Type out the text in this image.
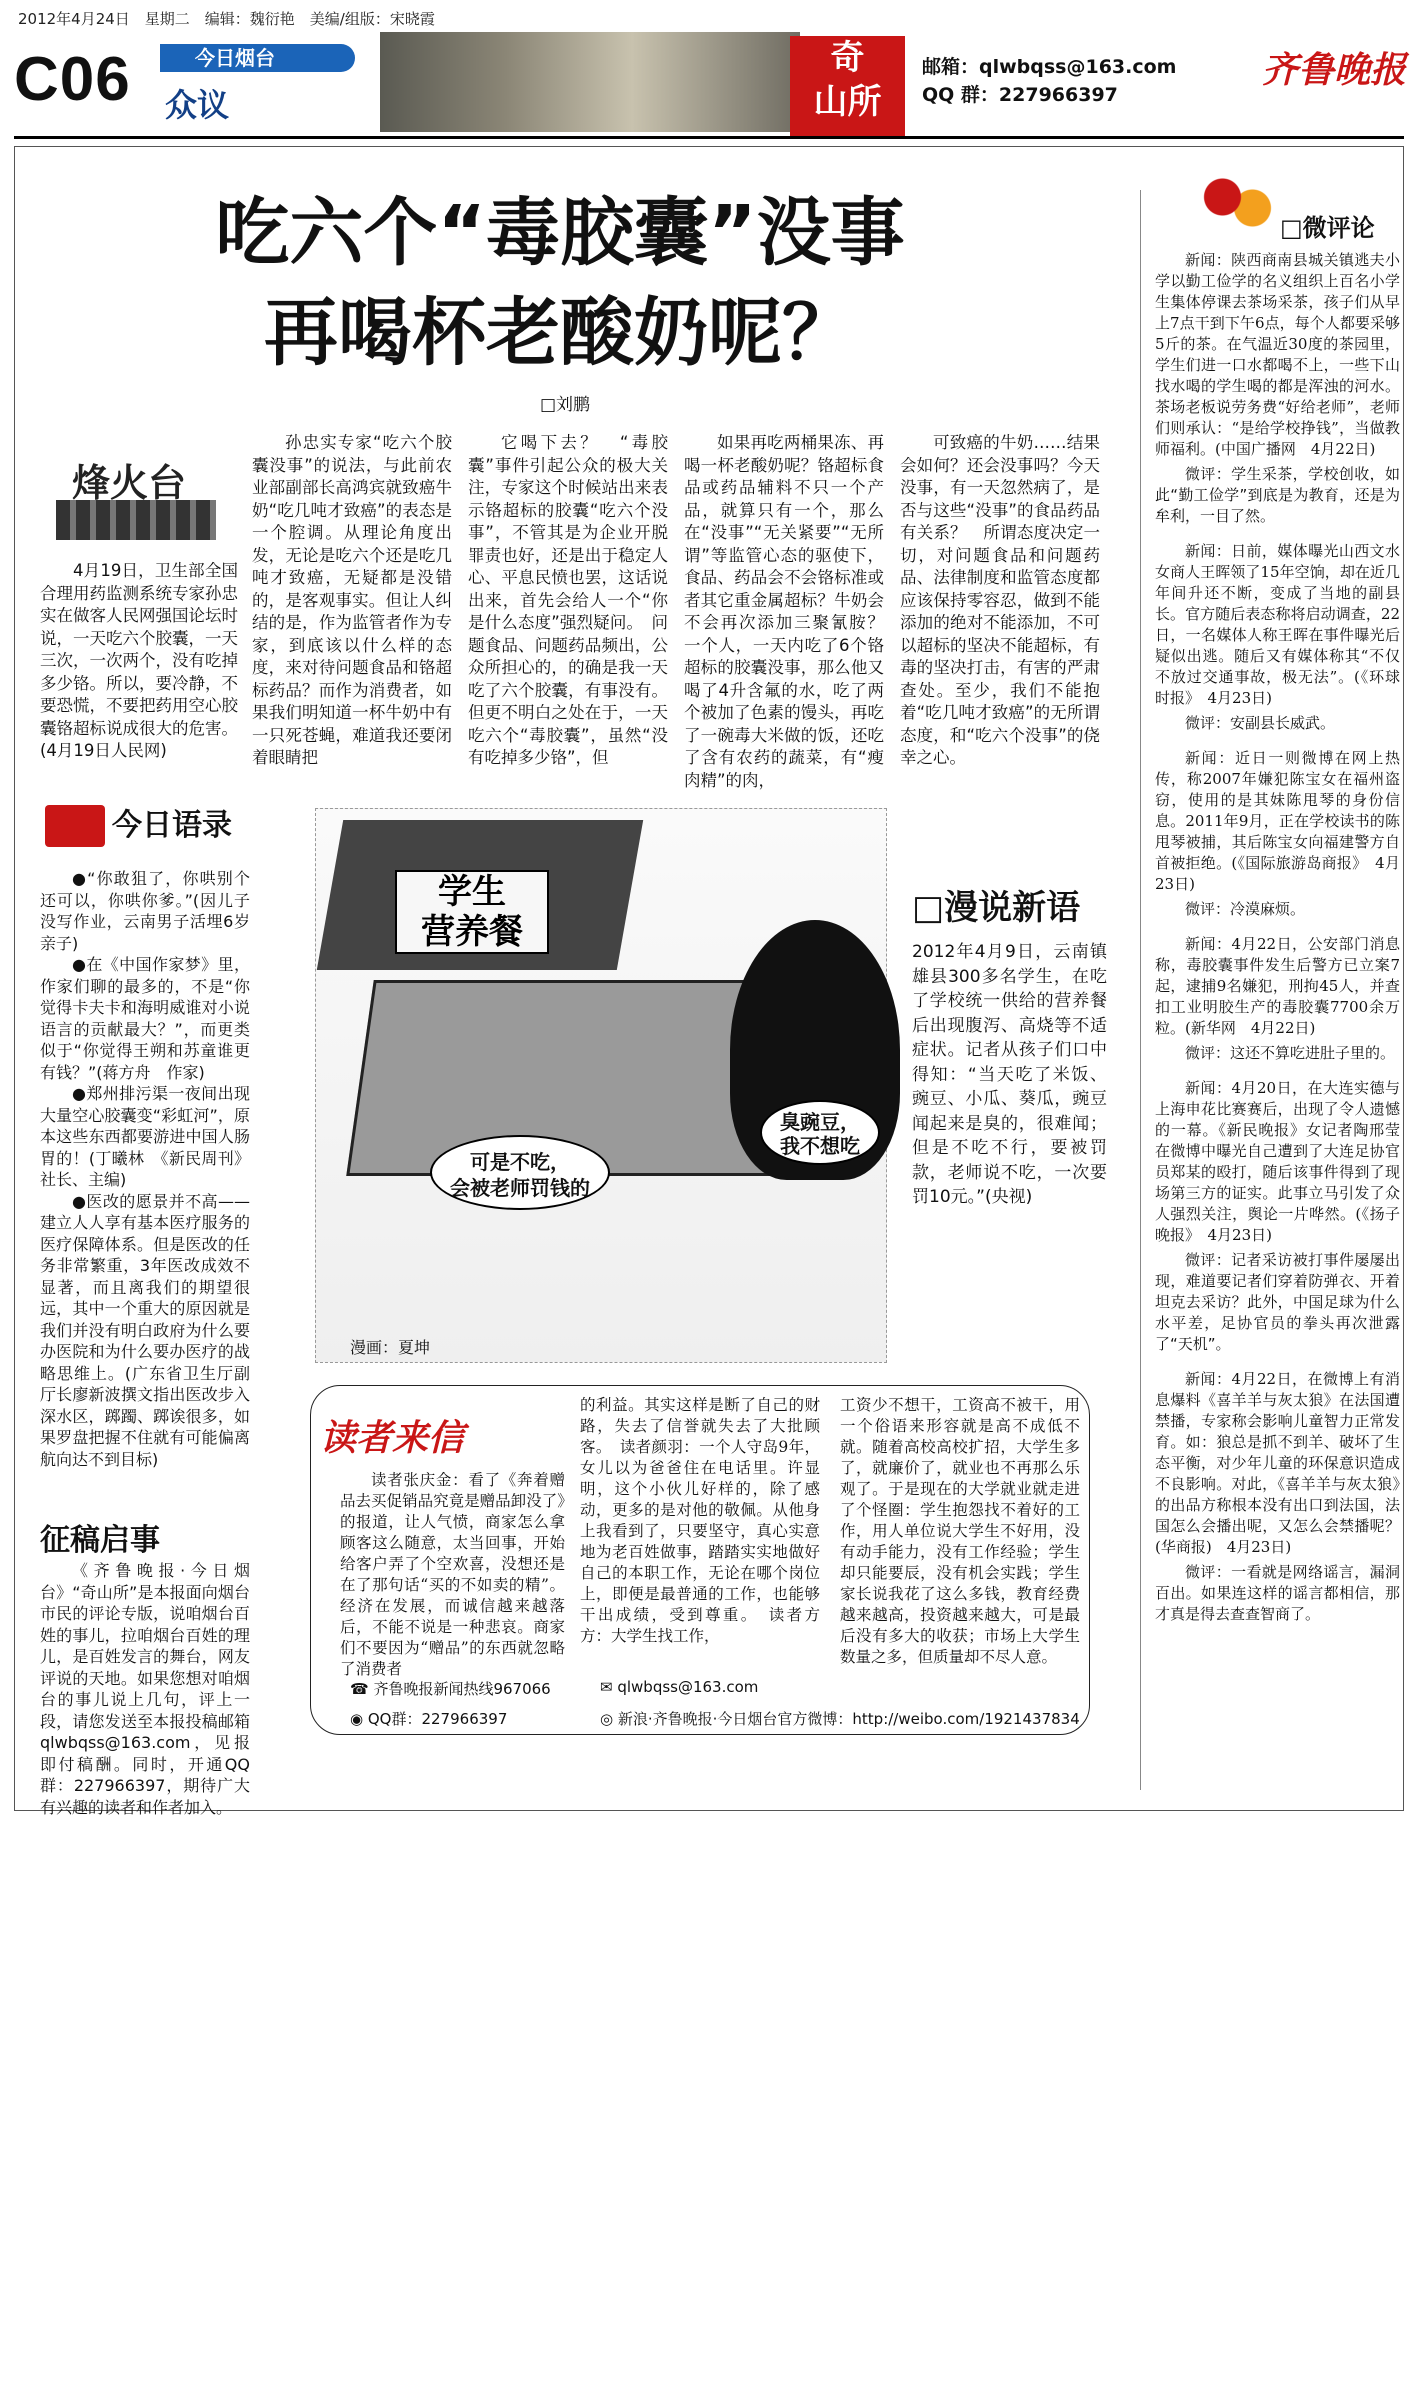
2012年4月24日　星期二　编辑：魏衍艳　美编/组版：宋晓霞
C06	今日烟台
众议
奇
山所
邮箱：qlwbqss@163.com
QQ 群：227966397
齐鲁晚报
吃六个“毒胶囊”没事
再喝杯老酸奶呢？
□刘鹏
烽火台

4月19日，卫生部全国合理用药监测系统专家孙忠实在做客人民网强国论坛时说，一天吃六个胶囊，一天三次，一次两个，没有吃掉多少铬。所以，要冷静，不要恐慌，不要把药用空心胶囊铬超标说成很大的危害。(4月19日人民网)

孙忠实专家“吃六个胶囊没事”的说法，与此前农业部副部长高鸿宾就致癌牛奶“吃几吨才致癌”的表态是一个腔调。从理论角度出发，无论是吃六个还是吃几吨才致癌，无疑都是没错的，是客观事实。但让人纠结的是，作为监管者作为专家，到底该以什么样的态度，来对待问题食品和铬超标药品？而作为消费者，如果我们明知道一杯牛奶中有一只死苍蝇，难道我还要闭着眼睛把

它喝下去？　“毒胶囊”事件引起公众的极大关注，专家这个时候站出来表示铬超标的胶囊“吃六个没事”，不管其是为企业开脱罪责也好，还是出于稳定人心、平息民愤也罢，这话说出来，首先会给人一个“你是什么态度”强烈疑问。　问题食品、问题药品频出，公众所担心的，的确是我一天吃了六个胶囊，有事没有。但更不明白之处在于，一天吃六个“毒胶囊”，虽然“没有吃掉多少铬”，但

如果再吃两桶果冻、再喝一杯老酸奶呢？铬超标食品或药品辅料不只一个产品，就算只有一个，那么在“没事”“无关紧要”“无所谓”等监管心态的驱使下，食品、药品会不会铬标准或者其它重金属超标？牛奶会不会再次添加三聚氰胺？　一个人，一天内吃了6个铬超标的胶囊没事，那么他又喝了4升含氟的水，吃了两个被加了色素的馒头，再吃了一碗毒大米做的饭，还吃了含有农药的蔬菜，有“瘦肉精”的肉，

可致癌的牛奶……结果会如何？还会没事吗？今天没事，有一天忽然病了，是否与这些“没事”的食品药品有关系？　所谓态度决定一切，对问题食品和问题药品、法律制度和监管态度都应该保持零容忍，做到不能添加的绝对不能添加，不可以超标的坚决不能超标，有毒的坚决打击，有害的严肃查处。至少，我们不能抱着“吃几吨才致癌”的无所谓态度，和“吃六个没事”的侥幸之心。

今日语录

●“你敢狙了，你哄别个还可以，你哄你爹。”(因儿子没写作业，云南男子活埋6岁亲子)

●在《中国作家梦》里，作家们聊的最多的，不是“你觉得卡夫卡和海明威谁对小说语言的贡献最大？”，而更类似于“你觉得王朔和苏童谁更有钱？”(蒋方舟　作家)

●郑州排污渠一夜间出现大量空心胶囊变“彩虹河”，原本这些东西都要游进中国人肠胃的！(丁曦林　《新民周刊》社长、主编)

●医改的愿景并不高——建立人人享有基本医疗服务的医疗保障体系。但是医改的任务非常繁重，3年医改成效不显著，而且离我们的期望很远，其中一个重大的原因就是我们并没有明白政府为什么要办医院和为什么要办医疗的战略思维上。(广东省卫生厅副厅长廖新波撰文指出医改步入深水区，踯躅、踯诶很多，如果罗盘把握不住就有可能偏离航向达不到目标)

征稿启事

《齐鲁晚报·今日烟台》“奇山所”是本报面向烟台市民的评论专版，说咱烟台百姓的事儿，拉咱烟台百姓的理儿，是百姓发言的舞台，网友评说的天地。如果您想对咱烟台的事儿说上几句，评上一段，请您发送至本报投稿邮箱qlwbqss@163.com，见报即付稿酬。同时，开通QQ群：227966397，期待广大有兴趣的读者和作者加入。

学生
营养餐
可是不吃，
会被老师罚钱的
臭豌豆，
我不想吃
漫画：夏坤
□漫说新语

2012年4月9日，云南镇雄县300多名学生，在吃了学校统一供给的营养餐后出现腹泻、高烧等不适症状。记者从孩子们口中得知：“当天吃了米饭、豌豆、小瓜、葵瓜，豌豆闻起来是臭的，很难闻；但是不吃不行，要被罚款，老师说不吃，一次要罚10元。”(央视)

读者来信

读者张庆金：看了《奔着赠品去买促销品究竟是赠品卸没了》的报道，让人气愤，商家怎么拿顾客这么随意，太当回事，开始给客户弄了个空欢喜，没想还是在了那句话“买的不如卖的精”。经济在发展，而诚信越来越落后，不能不说是一种悲哀。商家们不要因为“赠品”的东西就忽略了消费者

的利益。其实这样是断了自己的财路，失去了信誉就失去了大批顾客。　读者颜羽：一个人守岛9年，女儿以为爸爸住在电话里。许显明，这个小伙儿好样的，除了感动，更多的是对他的敬佩。从他身上我看到了，只要坚守，真心实意地为老百姓做事，踏踏实实地做好自己的本职工作，无论在哪个岗位上，即便是最普通的工作，也能够干出成绩，受到尊重。　读者方方：大学生找工作，

工资少不想干，工资高不被干，用一个俗语来形容就是高不成低不就。随着高校高校扩招，大学生多了，就廉价了，就业也不再那么乐观了。于是现在的大学就业就走进了个怪圈：学生抱怨找不着好的工作，用人单位说大学生不好用，没有动手能力，没有工作经验；学生却只能要辰，没有机会实践；学生家长说我花了这么多钱，教育经费越来越高，投资越来越大，可是最后没有多大的收获；市场上大学生数量之多，但质量却不尽人意。

☎ 齐鲁晚报新闻热线967066
◉ QQ群：227966397
✉ qlwbqss@163.com
◎ 新浪·齐鲁晚报·今日烟台官方微博：http://weibo.com/1921437834
□微评论

新闻：陕西商南县城关镇逃夫小学以勤工俭学的名义组织上百名小学生集体停课去茶场采茶，孩子们从早上7点干到下午6点，每个人都要采够5斤的茶。在气温近30度的茶园里，学生们进一口水都喝不上，一些下山找水喝的学生喝的都是浑浊的河水。茶场老板说劳务费“好给老师”，老师们则承认：“是给学校挣钱”，当做教师福利。(中国广播网　4月22日)

微评：学生采茶，学校创收，如此“勤工俭学”到底是为教育，还是为牟利，一目了然。

新闻：日前，媒体曝光山西文水女商人王晖领了15年空饷，却在近几年间升还不断，变成了当地的副县长。官方随后表态称将启动调查，22日，一名媒体人称王晖在事件曝光后疑似出逃。随后又有媒体称其“不仅不放过交通事故，极无法”。(《环球时报》　4月23日)

微评：安副县长威武。

新闻：近日一则微博在网上热传，称2007年嫌犯陈宝女在福州盗窃，使用的是其妹陈甩琴的身份信息。2011年9月，正在学校读书的陈甩琴被捕，其后陈宝女向福建警方自首被拒绝。(《国际旅游岛商报》　4月23日)

微评：冷漠麻烦。

新闻：4月22日，公安部门消息称，毒胶囊事件发生后警方已立案7起，逮捕9名嫌犯，刑拘45人，并查扣工业明胶生产的毒胶囊7700余万粒。(新华网　4月22日)

微评：这还不算吃进肚子里的。

新闻：4月20日，在大连实德与上海申花比赛赛后，出现了令人遗憾的一幕。《新民晚报》女记者陶邢莹在微博中曝光自己遭到了大连足协官员郑某的殴打，随后该事件得到了现场第三方的证实。此事立马引发了众人强烈关注，舆论一片哗然。(《扬子晚报》　4月23日)

微评：记者采访被打事件屡屡出现，难道要记者们穿着防弹衣、开着坦克去采访？此外，中国足球为什么水平差，足协官员的拳头再次泄露了“天机”。

新闻：4月22日，在微博上有消息爆料《喜羊羊与灰太狼》在法国遭禁播，专家称会影响儿童智力正常发育。如：狼总是抓不到羊、破坏了生态平衡，对少年儿童的环保意识造成不良影响。对此，《喜羊羊与灰太狼》的出品方称根本没有出口到法国，法国怎么会播出呢，又怎么会禁播呢？(华商报)　4月23日)

微评：一看就是网络谣言，漏洞百出。如果连这样的谣言都相信，那才真是得去查查智商了。
